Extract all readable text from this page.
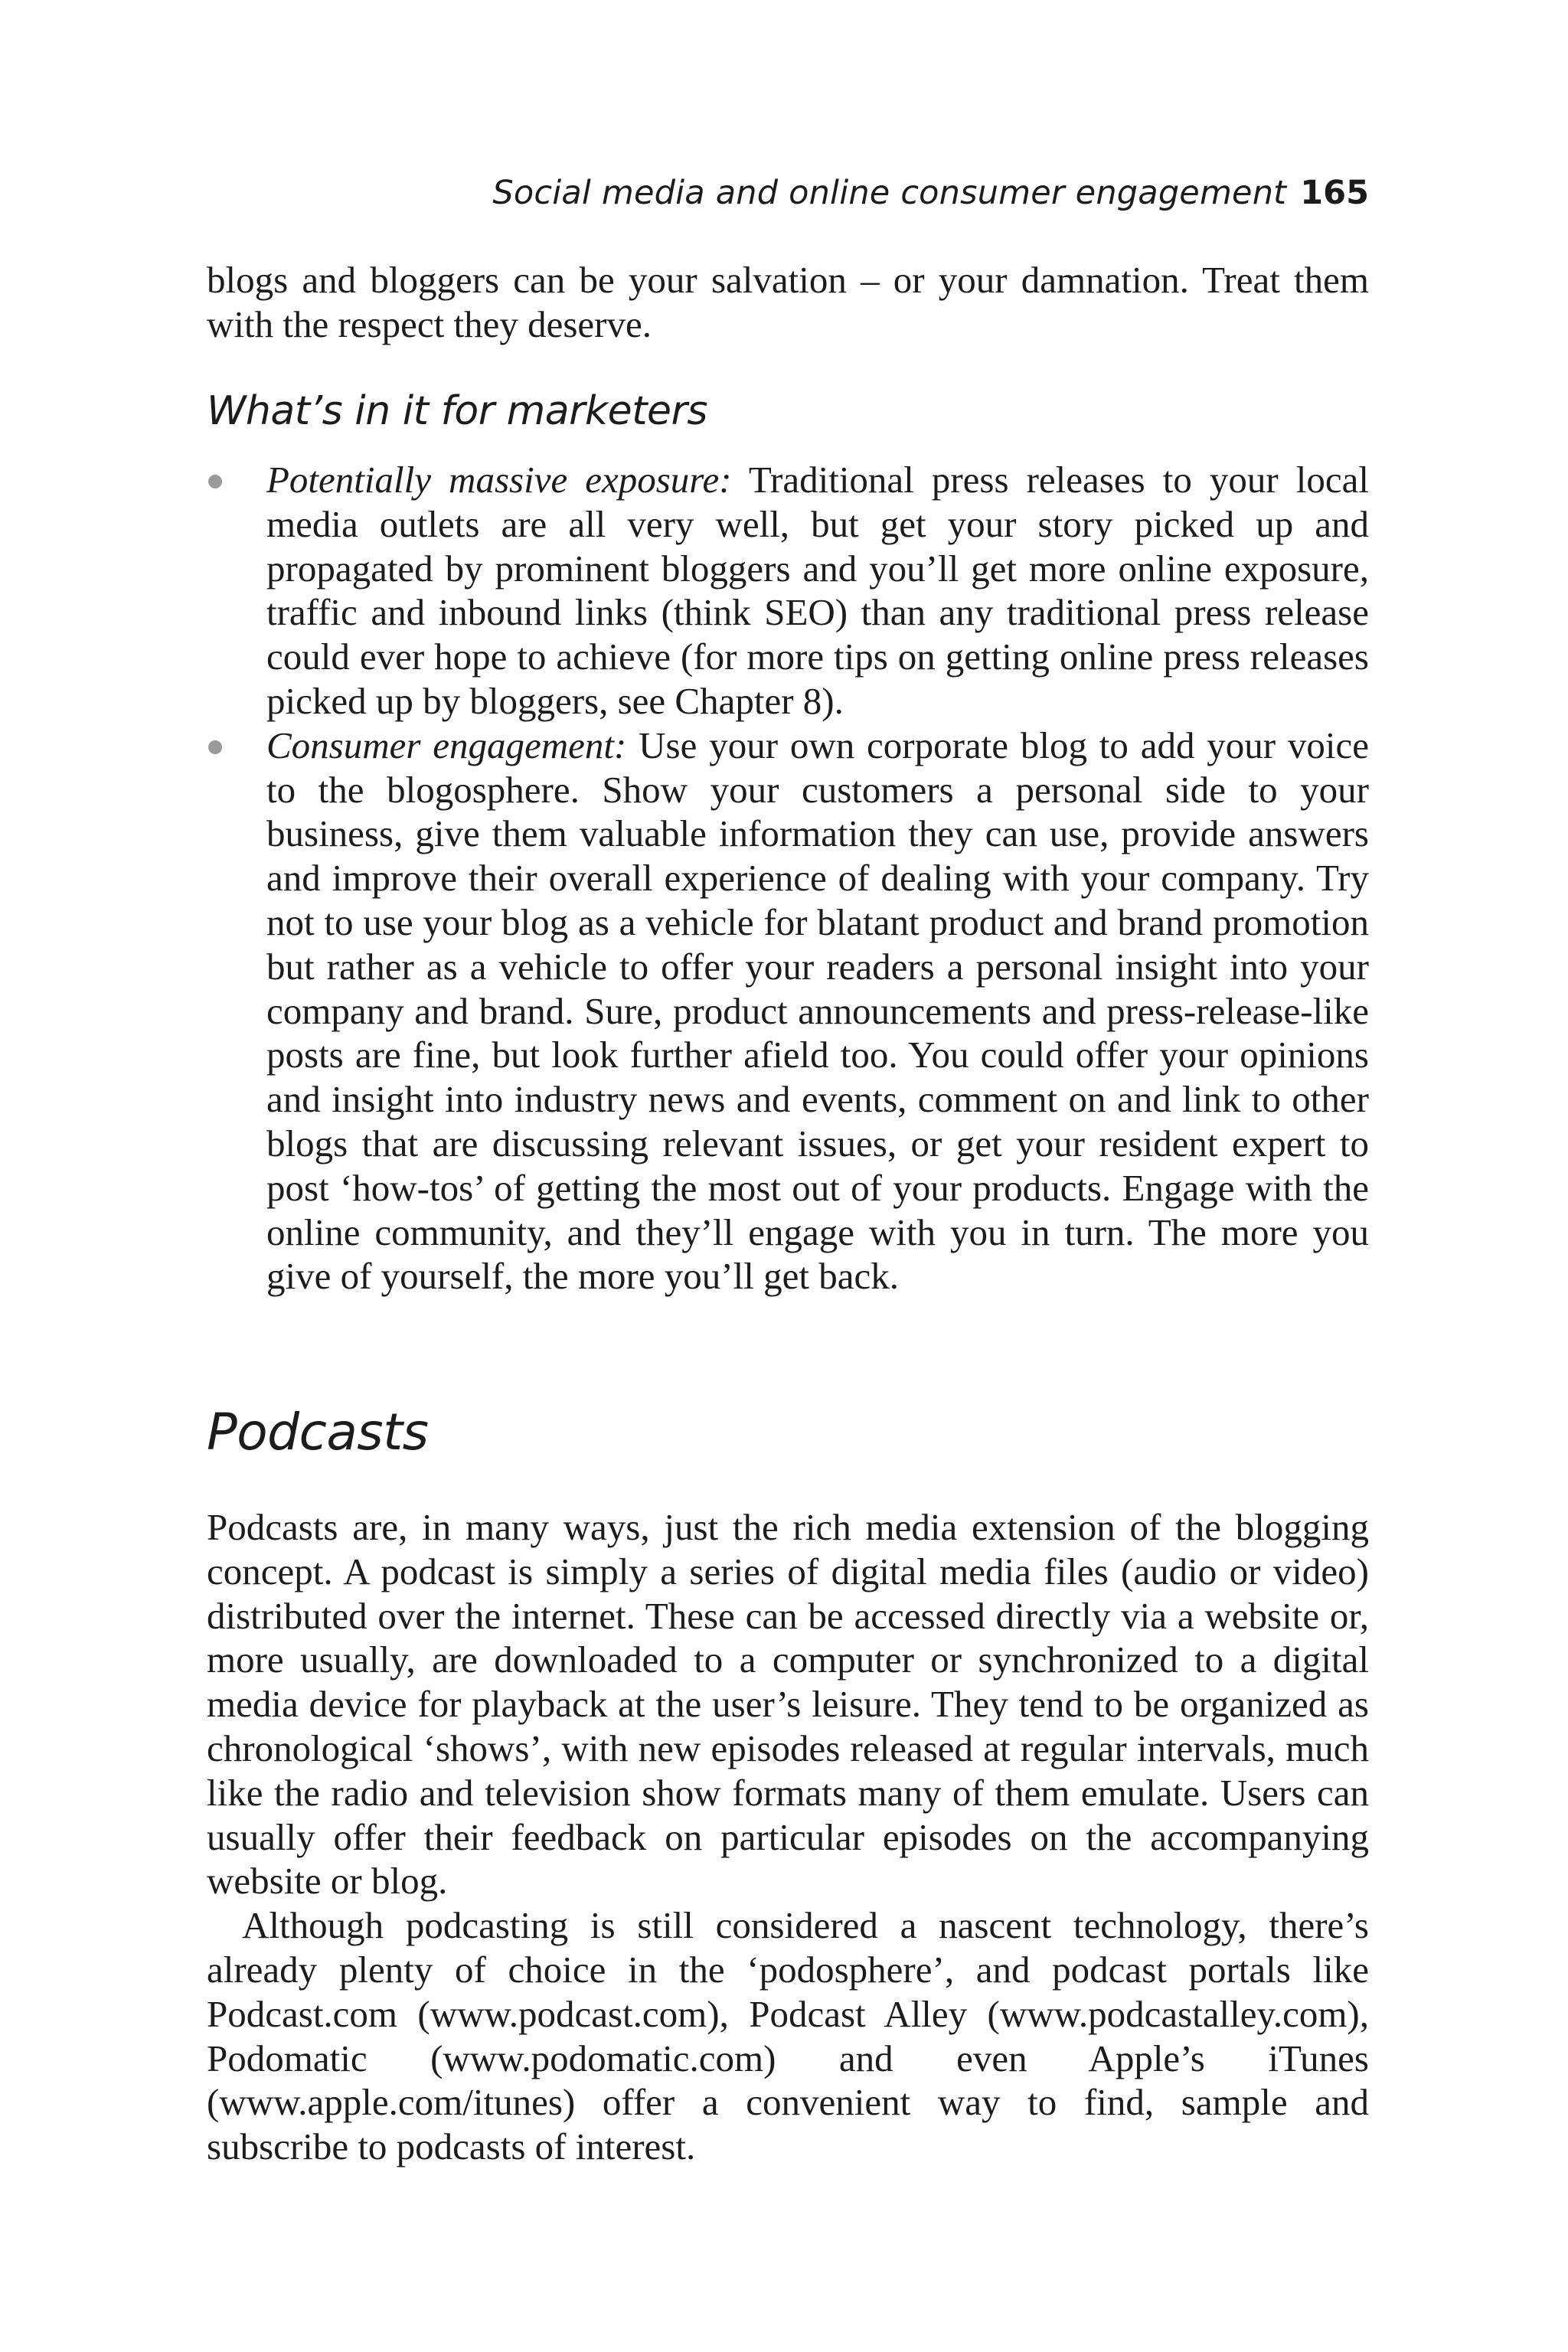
Social media and online consumer engagement 165

blogs and bloggers can be your salvation – or your damnation. Treat them with the respect they deserve.

What’s in it for marketers

Potentially massive exposure: Traditional press releases to your local media outlets are all very well, but get your story picked up and propagated by prominent bloggers and you’ll get more online exposure, traffic and inbound links (think SEO) than any traditional press release could ever hope to achieve (for more tips on getting online press releases picked up by bloggers, see Chapter 8).

Consumer engagement: Use your own corporate blog to add your voice to the blogosphere. Show your customers a personal side to your business, give them valuable information they can use, provide answers and improve their overall experience of dealing with your company. Try not to use your blog as a vehicle for blatant product and brand promotion but rather as a vehicle to offer your readers a personal insight into your company and brand. Sure, product announcements and press-release-like posts are fine, but look further afield too. You could offer your opinions and insight into industry news and events, comment on and link to other blogs that are discussing relevant issues, or get your resident expert to post ‘how-tos’ of getting the most out of your products. Engage with the online community, and they’ll engage with you in turn. The more you give of yourself, the more you’ll get back.

Podcasts

Podcasts are, in many ways, just the rich media extension of the blogging concept. A podcast is simply a series of digital media files (audio or video) distributed over the internet. These can be accessed directly via a website or, more usually, are downloaded to a computer or synchronized to a digital media device for playback at the user’s leisure. They tend to be organized as chronological ‘shows’, with new episodes released at regular intervals, much like the radio and television show formats many of them emulate. Users can usually offer their feedback on particular episodes on the accompanying website or blog.

Although podcasting is still considered a nascent technology, there’s already plenty of choice in the ‘podosphere’, and podcast portals like Podcast.com (www.podcast.com), Podcast Alley (www.podcastalley.com), Podomatic (www.podomatic.com) and even Apple’s iTunes (www.apple.com/itunes) offer a convenient way to find, sample and subscribe to podcasts of interest.
